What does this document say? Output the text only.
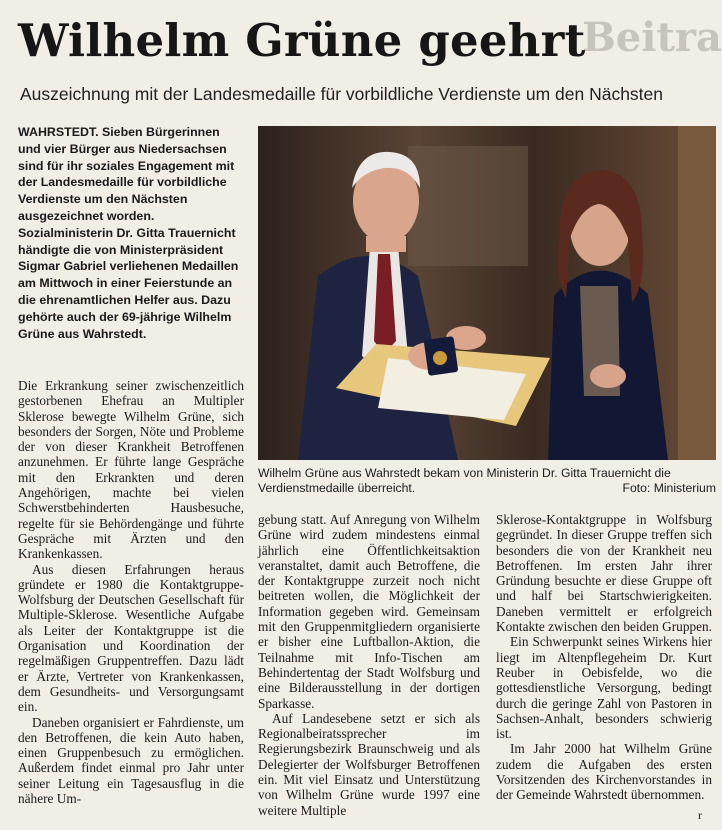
Beitra
Wilhelm Grüne geehrt
Auszeichnung mit der Landesmedaille für vorbildliche Verdienste um den Nächsten
WAHRSTEDT. Sieben Bürgerinnen und vier Bürger aus Niedersachsen sind für ihr soziales Engagement mit der Landesmedaille für vorbildliche Verdienste um den Nächsten ausgezeichnet worden. Sozialministerin Dr. Gitta Trauernicht händigte die von Ministerpräsident Sigmar Gabriel verliehenen Medaillen am Mittwoch in einer Feierstunde an die ehrenamtlichen Helfer aus. Dazu gehörte auch der 69-jährige Wilhelm Grüne aus Wahrstedt.
Wilhelm Grüne aus Wahrstedt bekam von Ministerin Dr. Gitta Trauernicht die Verdienstmedaille überreicht.	Foto: Ministerium

Die Erkrankung seiner zwischenzeitlich gestorbenen Ehefrau an Multipler Sklerose bewegte Wilhelm Grüne, sich besonders der Sorgen, Nöte und Probleme der von dieser Krankheit Betroffenen anzunehmen. Er führte lange Gespräche mit den Erkrankten und deren Angehörigen, machte bei vielen Schwerstbehinderten Hausbesuche, regelte für sie Behördengänge und führte Gespräche mit Ärzten und den Krankenkassen.

Aus diesen Erfahrungen heraus gründete er 1980 die Kontaktgruppe-Wolfsburg der Deutschen Gesellschaft für Multiple-Sklerose. Wesentliche Aufgabe als Leiter der Kontaktgruppe ist die Organisation und Koordination der regelmäßigen Gruppentreffen. Dazu lädt er Ärzte, Vertreter von Krankenkassen, dem Gesundheits- und Versorgungsamt ein.

Daneben organisiert er Fahrdienste, um den Betroffenen, die kein Auto haben, einen Gruppenbesuch zu ermöglichen. Außerdem findet einmal pro Jahr unter seiner Leitung ein Tagesausflug in die nähere Um-

gebung statt. Auf Anregung von Wilhelm Grüne wird zudem mindestens einmal jährlich eine Öffentlichkeitsaktion veranstaltet, damit auch Betroffene, die der Kontaktgruppe zurzeit noch nicht beitreten wollen, die Möglichkeit der Information gegeben wird. Gemeinsam mit den Gruppenmitgliedern organisierte er bisher eine Luftballon-Aktion, die Teilnahme mit Info-Tischen am Behindertentag der Stadt Wolfsburg und eine Bilderausstellung in der dortigen Sparkasse.

Auf Landesebene setzt er sich als Regionalbeiratssprecher im Regierungsbezirk Braunschweig und als Delegierter der Wolfsburger Betroffenen ein. Mit viel Einsatz und Unterstützung von Wilhelm Grüne wurde 1997 eine weitere Multiple

Sklerose-Kontaktgruppe in Wolfsburg gegründet. In dieser Gruppe treffen sich besonders die von der Krankheit neu Betroffenen. Im ersten Jahr ihrer Gründung besuchte er diese Gruppe oft und half bei Startschwierigkeiten. Daneben vermittelt er erfolgreich Kontakte zwischen den beiden Gruppen.

Ein Schwerpunkt seines Wirkens hier liegt im Altenpflegeheim Dr. Kurt Reuber in Oebisfelde, wo die gottesdienstliche Versorgung, bedingt durch die geringe Zahl von Pastoren in Sachsen-Anhalt, besonders schwierig ist.

Im Jahr 2000 hat Wilhelm Grüne zudem die Aufgaben des ersten Vorsitzenden des Kirchenvorstandes in der Gemeinde Wahrstedt übernommen.

r
